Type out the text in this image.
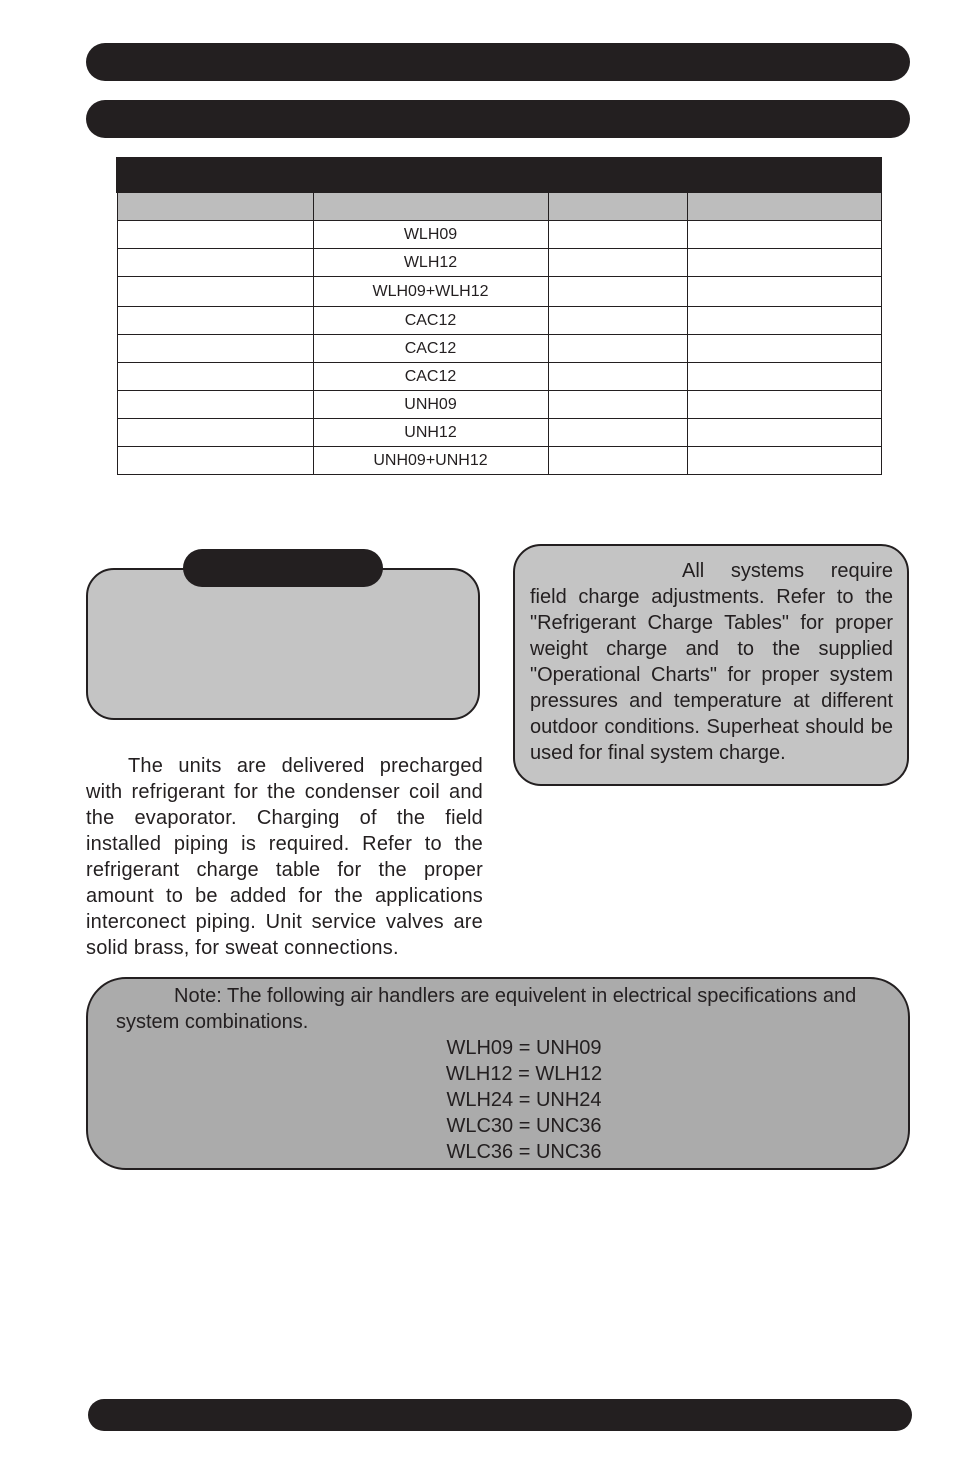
	WLH09		
	WLH12		
	WLH09+WLH12		
	CAC12		
	CAC12		
	CAC12		
	UNH09		
	UNH12		
	UNH09+UNH12		

The units are delivered precharged with refrigerant for the condenser coil and the evaporator. Charging of the field installed piping is required. Refer to the refrigerant charge table for the proper amount to be added for the applications interconect piping. Unit service valves are solid brass, for sweat connections.

All systems require field charge adjustments. Refer to the "Refrigerant Charge Tables" for proper weight charge and to the supplied "Operational Charts" for proper system pressures and temperature at different outdoor conditions. Superheat should be used for final system charge.

Note: The following air handlers are equivelent in electrical specifications and system combinations.

WLH09 = UNH09
WLH12 = WLH12
WLH24 = UNH24
WLC30 = UNC36
WLC36 = UNC36
